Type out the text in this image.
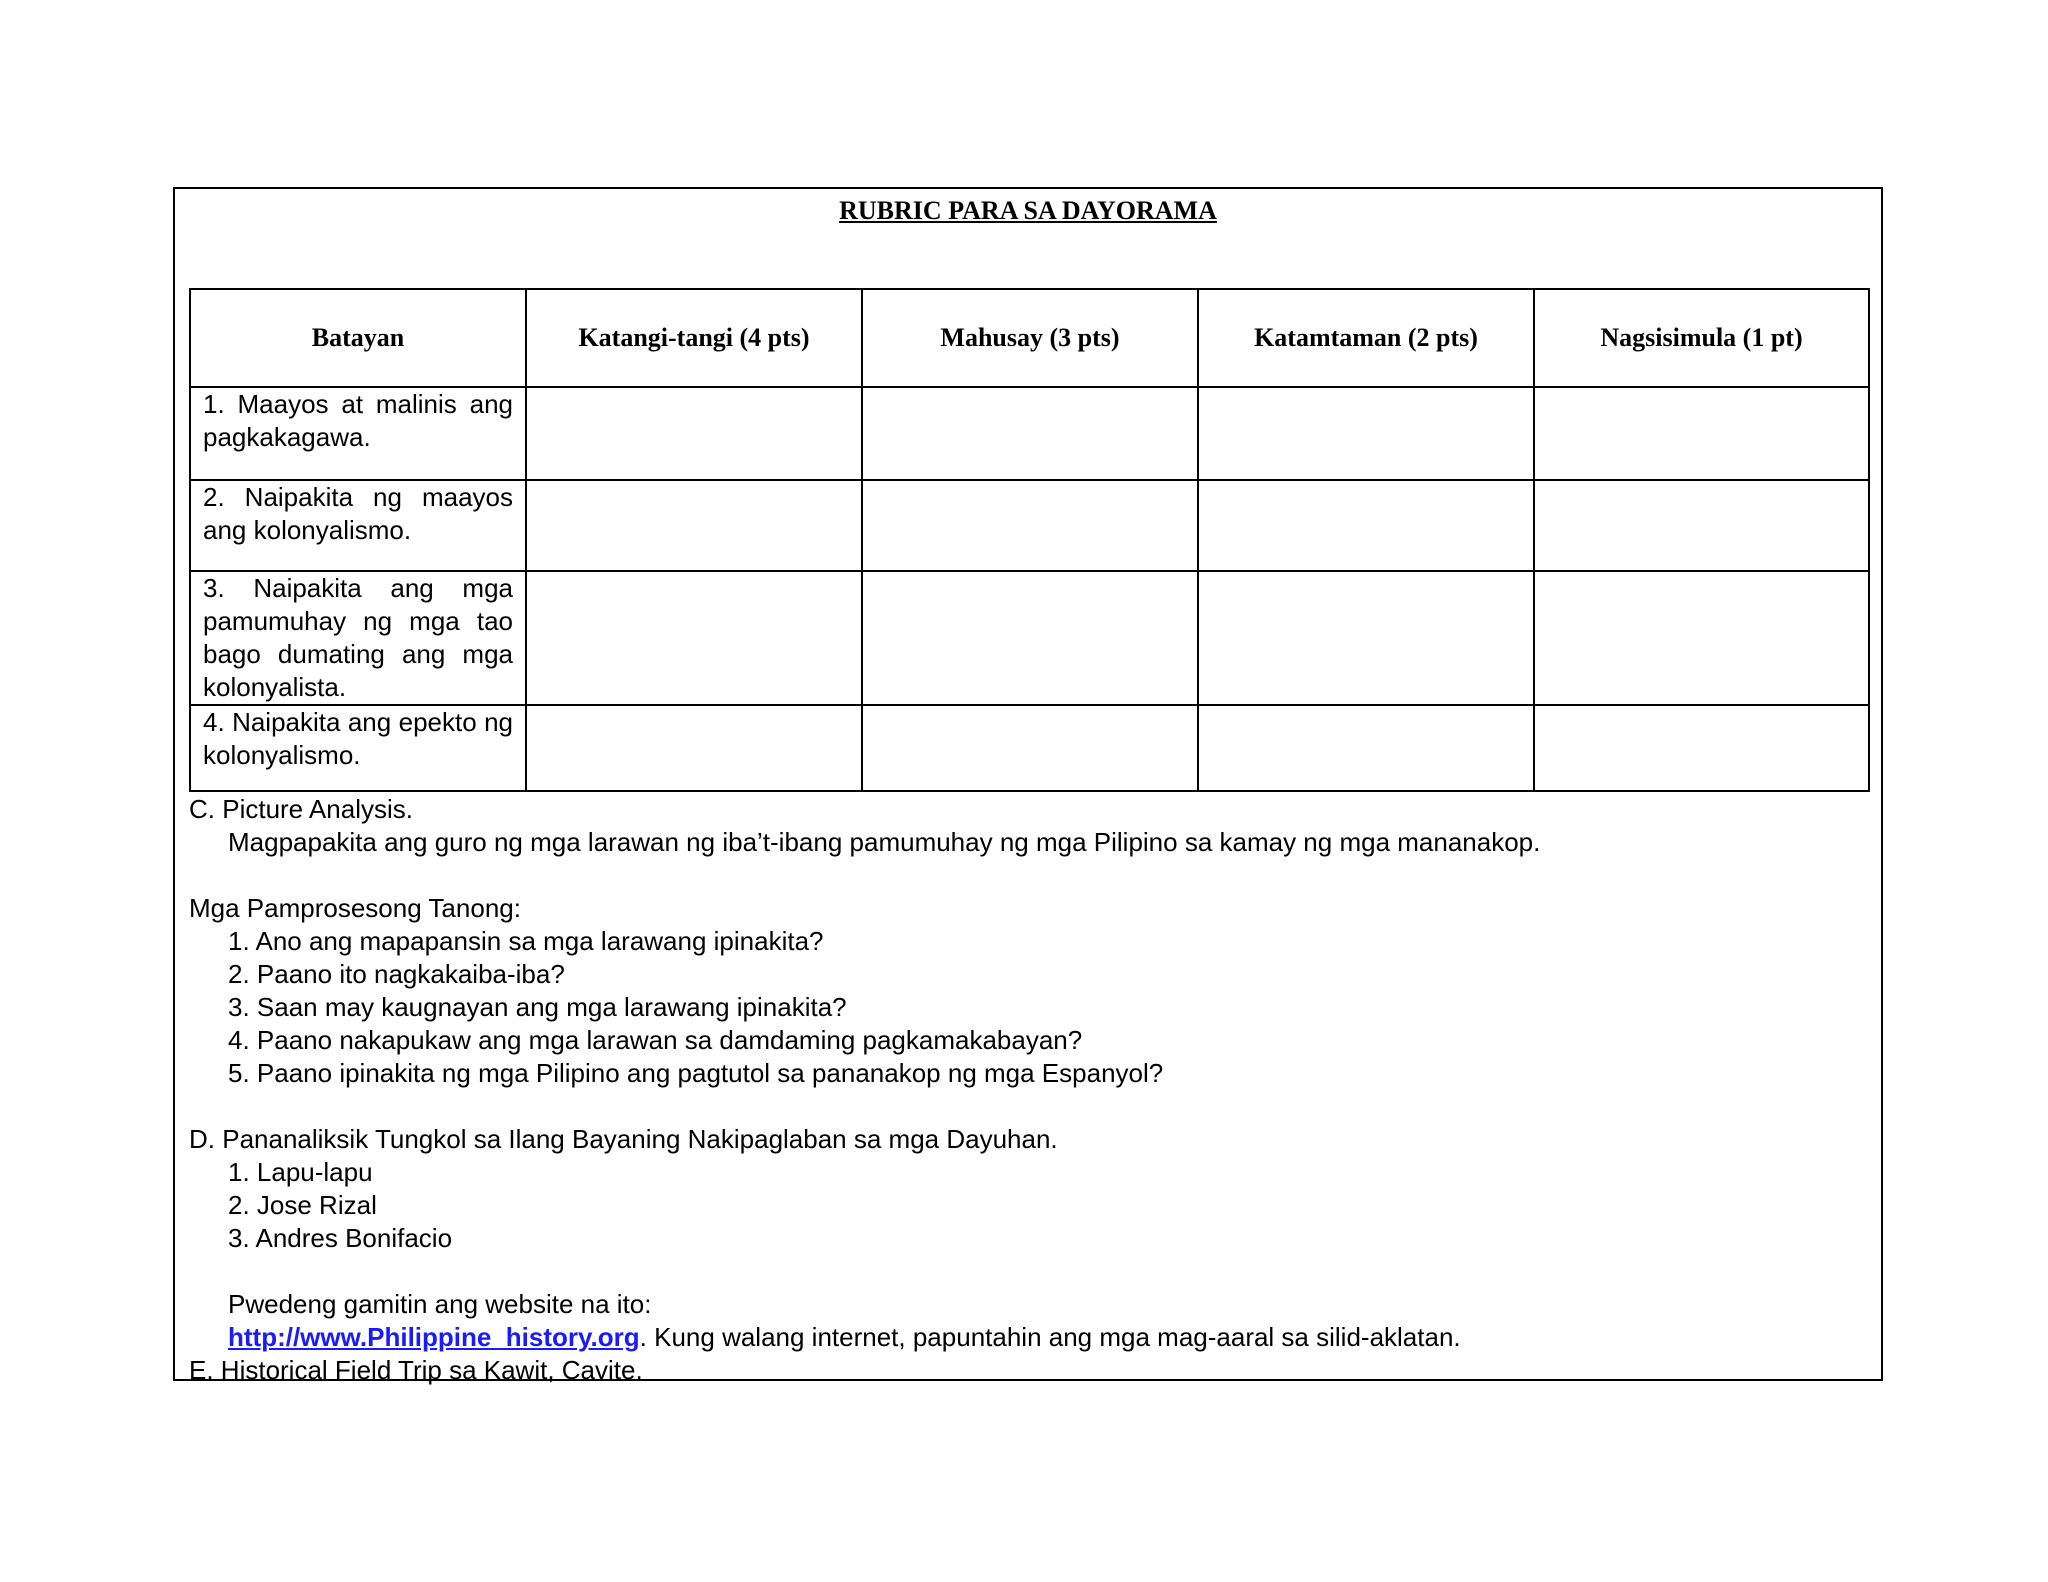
RUBRIC PARA SA DAYORAMA
Batayan	Katangi-tangi (4 pts)	Mahusay (3 pts)	Katamtaman (2 pts)	Nagsisimula (1 pt)
1. Maayos at malinis ang pagkakagawa.				
2. Naipakita ng maayos ang kolonyalismo.				
3. Naipakita ang mga pamumuhay ng mga tao bago dumating ang mga kolonyalista.				
4. Naipakita ang epekto ng kolonyalismo.				
C. Picture Analysis.
Magpapakita ang guro ng mga larawan ng iba’t-ibang pamumuhay ng mga Pilipino sa kamay ng mga mananakop.
Mga Pamprosesong Tanong:
1. Ano ang mapapansin sa mga larawang ipinakita?
2. Paano ito nagkakaiba-iba?
3. Saan may kaugnayan ang mga larawang ipinakita?
4. Paano nakapukaw ang mga larawan sa damdaming pagkamakabayan?
5. Paano ipinakita ng mga Pilipino ang pagtutol sa pananakop ng mga Espanyol?
D. Pananaliksik Tungkol sa Ilang Bayaning Nakipaglaban sa mga Dayuhan.
1. Lapu-lapu
2. Jose Rizal
3. Andres Bonifacio
Pwedeng gamitin ang website na ito:
http://www.Philippine_history.org. Kung walang internet, papuntahin ang mga mag-aaral sa silid-aklatan.
E. Historical Field Trip sa Kawit, Cavite.
